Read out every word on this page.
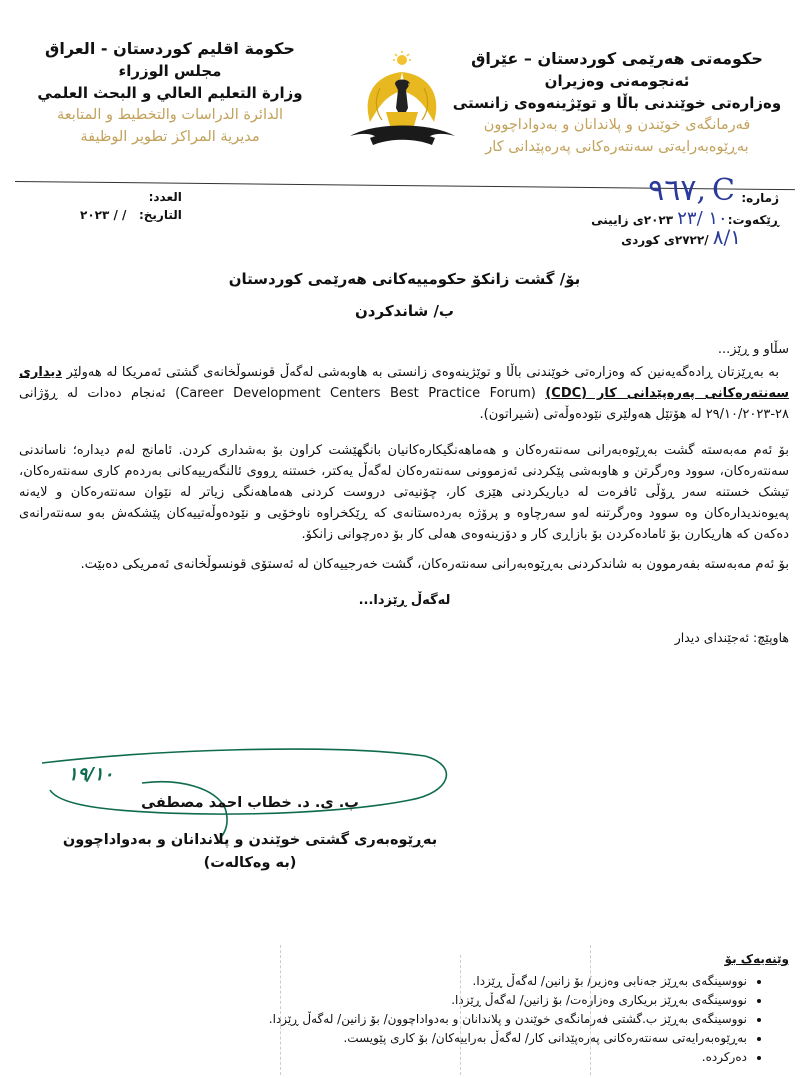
حكومة اقليم كوردستان - العراق
مجلس الوزراء
وزارة التعليم العالي و البحث العلمي
الدائرة الدراسات والتخطيط و المتابعة
مديرية المراكز تطوير الوظيفة
حكومەتی هەرێمی کوردستان – عێراق
ئەنجومەنی وەزیران
وەزارەتی خوێندنی باڵا و توێژینەوەی زانستی
فەرمانگەی خوێندن و پلاندانان و بەدواداچوون
بەڕێوەبەرایەتی سەنتەرەکانی پەرەپێدانی کار
العدد:
التاريخ:   / / ٢٠٢٣
ژمارە:
C,٩٦٧
ڕێکەوت:١٠ /٢٣ ٢٠٢٣ی زایینی
٨/١ /٢٧٢٢ی کوردی
بۆ/ گشت زانکۆ حکومییەکانی هەرێمی کوردستان
ب/ شاندکردن
سڵاو و ڕێز...
بە بەڕێزتان ڕادەگەیەنین کە وەزارەتی خوێندنی باڵا و توێژینەوەی زانستی بە هاوبەشی لەگەڵ قونسوڵخانەی گشتی ئەمریکا لە هەولێر دیداری سەنتەرەکانی پەرەپێدانی کار (CDC) (Career Development Centers Best Practice Forum) ئەنجام دەدات لە ڕۆژانی ٢٨-٢٩/١٠/٢٠٢٣ لە هۆتێل هەولێری نێودەوڵەتی (شیراتون).
بۆ ئەم مەبەستە گشت بەڕێوەبەرانی سەنتەرەکان و هەماهەنگیکارەکانیان بانگهێشت کراون بۆ بەشداری کردن. ئامانج لەم دیدارە؛ ناساندنی سەنتەرەکان، سوود وەرگرتن و هاوبەشی پێکردنی ئەزموونی سەنتەرەکان لەگەڵ یەکتر، خستنە ڕووی ئالنگەرییەکانی بەردەم کاری سەنتەرەکان، تیشک خستنە سەر ڕۆڵی ئافرەت لە دیاریکردنی هێزی کار، چۆنیەتی دروست کردنی هەماهەنگی زیاتر لە نێوان سەنتەرەکان و لایەنە پەیوەندیدارەکان وە سوود وەرگرتنە لەو سەرچاوە و پرۆژە بەردەستانەی کە ڕێکخراوە ناوخۆیی و نێودەوڵەتییەکان پێشکەش بەو سەنتەرانەی دەکەن کە هاریکارن بۆ ئامادەکردن بۆ بازاڕی کار و دۆزینەوەی هەلی کار بۆ دەرچوانی زانکۆ.
بۆ ئەم مەبەستە بفەرموون بە شاندکردنی بەڕێوەبەرانی سەنتەرەکان، گشت خەرجییەکان لە ئەستۆی قونسوڵخانەی ئەمریکی دەبێت.
لەگەڵ ڕێزدا...
هاوپێچ: ئەجێندای دیدار
١٩/١٠
پ. ی. د. خطاب احمد مصطفى
بەڕێوەبەری گشتی خوێندن و پلاندانان و بەدواداچوون
(بە وەکالەت)
وێنەیەک بۆ
• نووسینگەی بەڕێز جەنابی وەزیر/ بۆ زانین/ لەگەڵ ڕێزدا.
• نووسینگەی بەڕێز بریکاری وەزارەت/ بۆ زانین/ لەگەڵ ڕێزدا.
• نووسینگەی بەڕێز ب.گشتی فەرمانگەی خوێندن و پلاندانان و بەدواداچوون/ بۆ زانین/ لەگەڵ ڕێزدا.
• بەڕێوەبەرایەتی سەنتەرەکانی پەرەپێدانی کار/ لەگەڵ بەراییەکان/ بۆ کاری پێویست.
• دەرکردە.
